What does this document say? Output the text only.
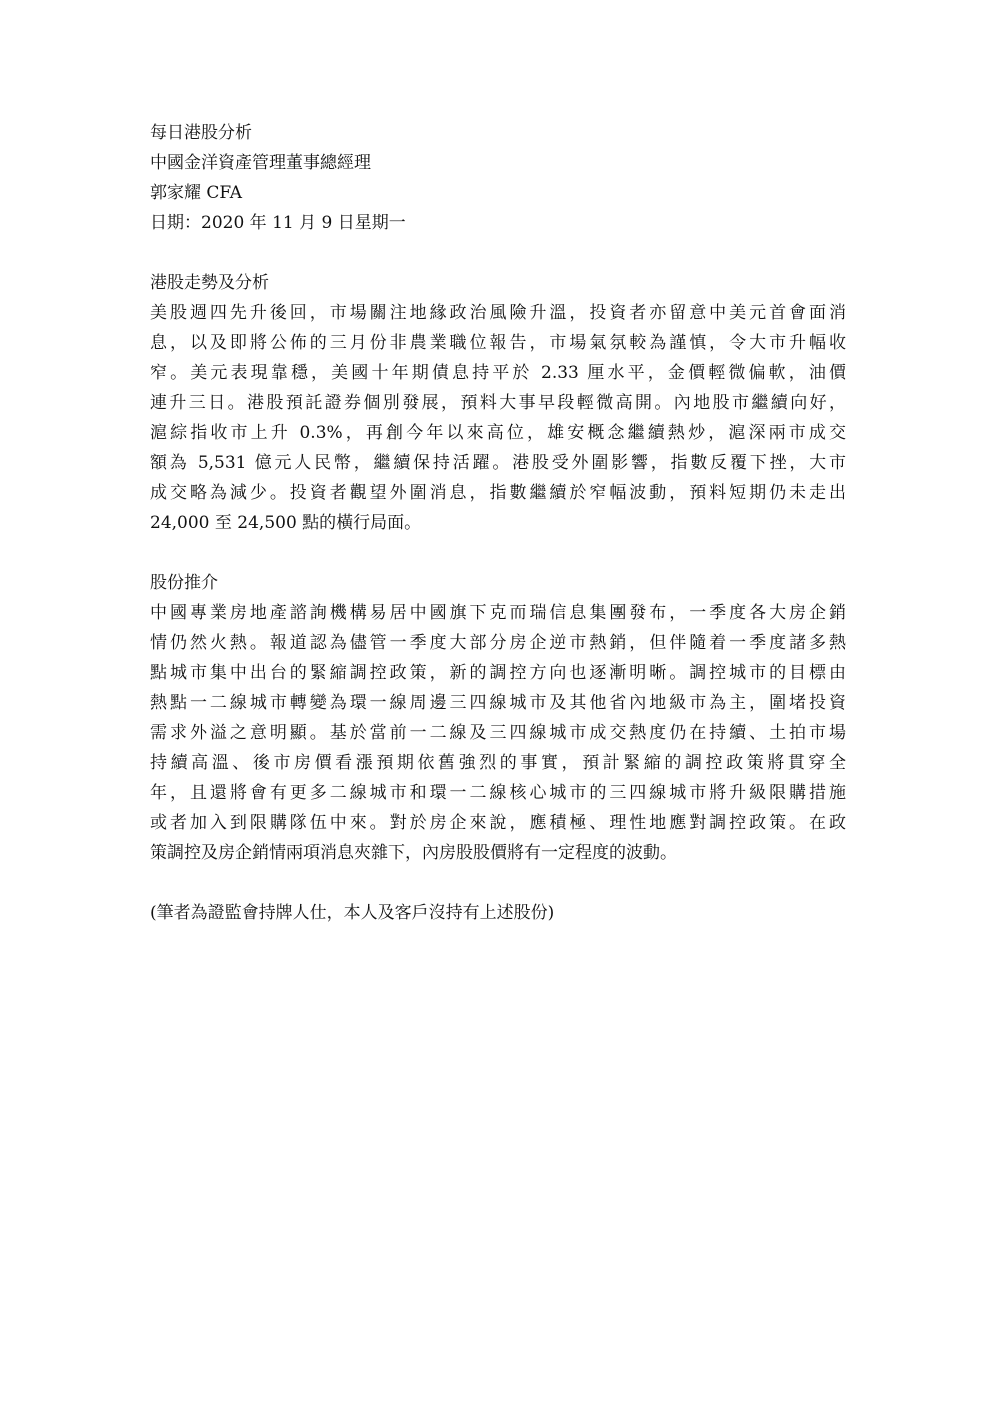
每日港股分析
中國金洋資產管理董事總經理
郭家耀 CFA
日期：2020 年 11 月 9 日星期一
港股走勢及分析
美股週四先升後回，市場關注地緣政治風險升溫，投資者亦留意中美元首會面消
息，以及即將公佈的三月份非農業職位報告，市場氣氛較為謹慎，令大市升幅收
窄。美元表現靠穩，美國十年期債息持平於 2.33 厘水平，金價輕微偏軟，油價
連升三日。港股預託證券個別發展，預料大事早段輕微高開。內地股市繼續向好，
滬綜指收市上升 0.3%，再創今年以來高位，雄安概念繼續熱炒，滬深兩市成交
額為 5,531 億元人民幣，繼續保持活躍。港股受外圍影響，指數反覆下挫，大市
成交略為減少。投資者觀望外圍消息，指數繼續於窄幅波動，預料短期仍未走出
24,000 至 24,500 點的橫行局面。
股份推介
中國專業房地產諮詢機構易居中國旗下克而瑞信息集團發布，一季度各大房企銷
情仍然火熱。報道認為儘管一季度大部分房企逆市熱銷，但伴隨着一季度諸多熱
點城市集中出台的緊縮調控政策，新的調控方向也逐漸明晰。調控城市的目標由
熱點一二線城市轉變為環一線周邊三四線城市及其他省內地級市為主，圍堵投資
需求外溢之意明顯。基於當前一二線及三四線城市成交熱度仍在持續、土拍市場
持續高溫、後市房價看漲預期依舊強烈的事實，預計緊縮的調控政策將貫穿全
年，且還將會有更多二線城市和環一二線核心城市的三四線城市將升級限購措施
或者加入到限購隊伍中來。對於房企來說，應積極、理性地應對調控政策。在政
策調控及房企銷情兩項消息夾雜下，內房股股價將有一定程度的波動。
(筆者為證監會持牌人仕，本人及客戶沒持有上述股份)
